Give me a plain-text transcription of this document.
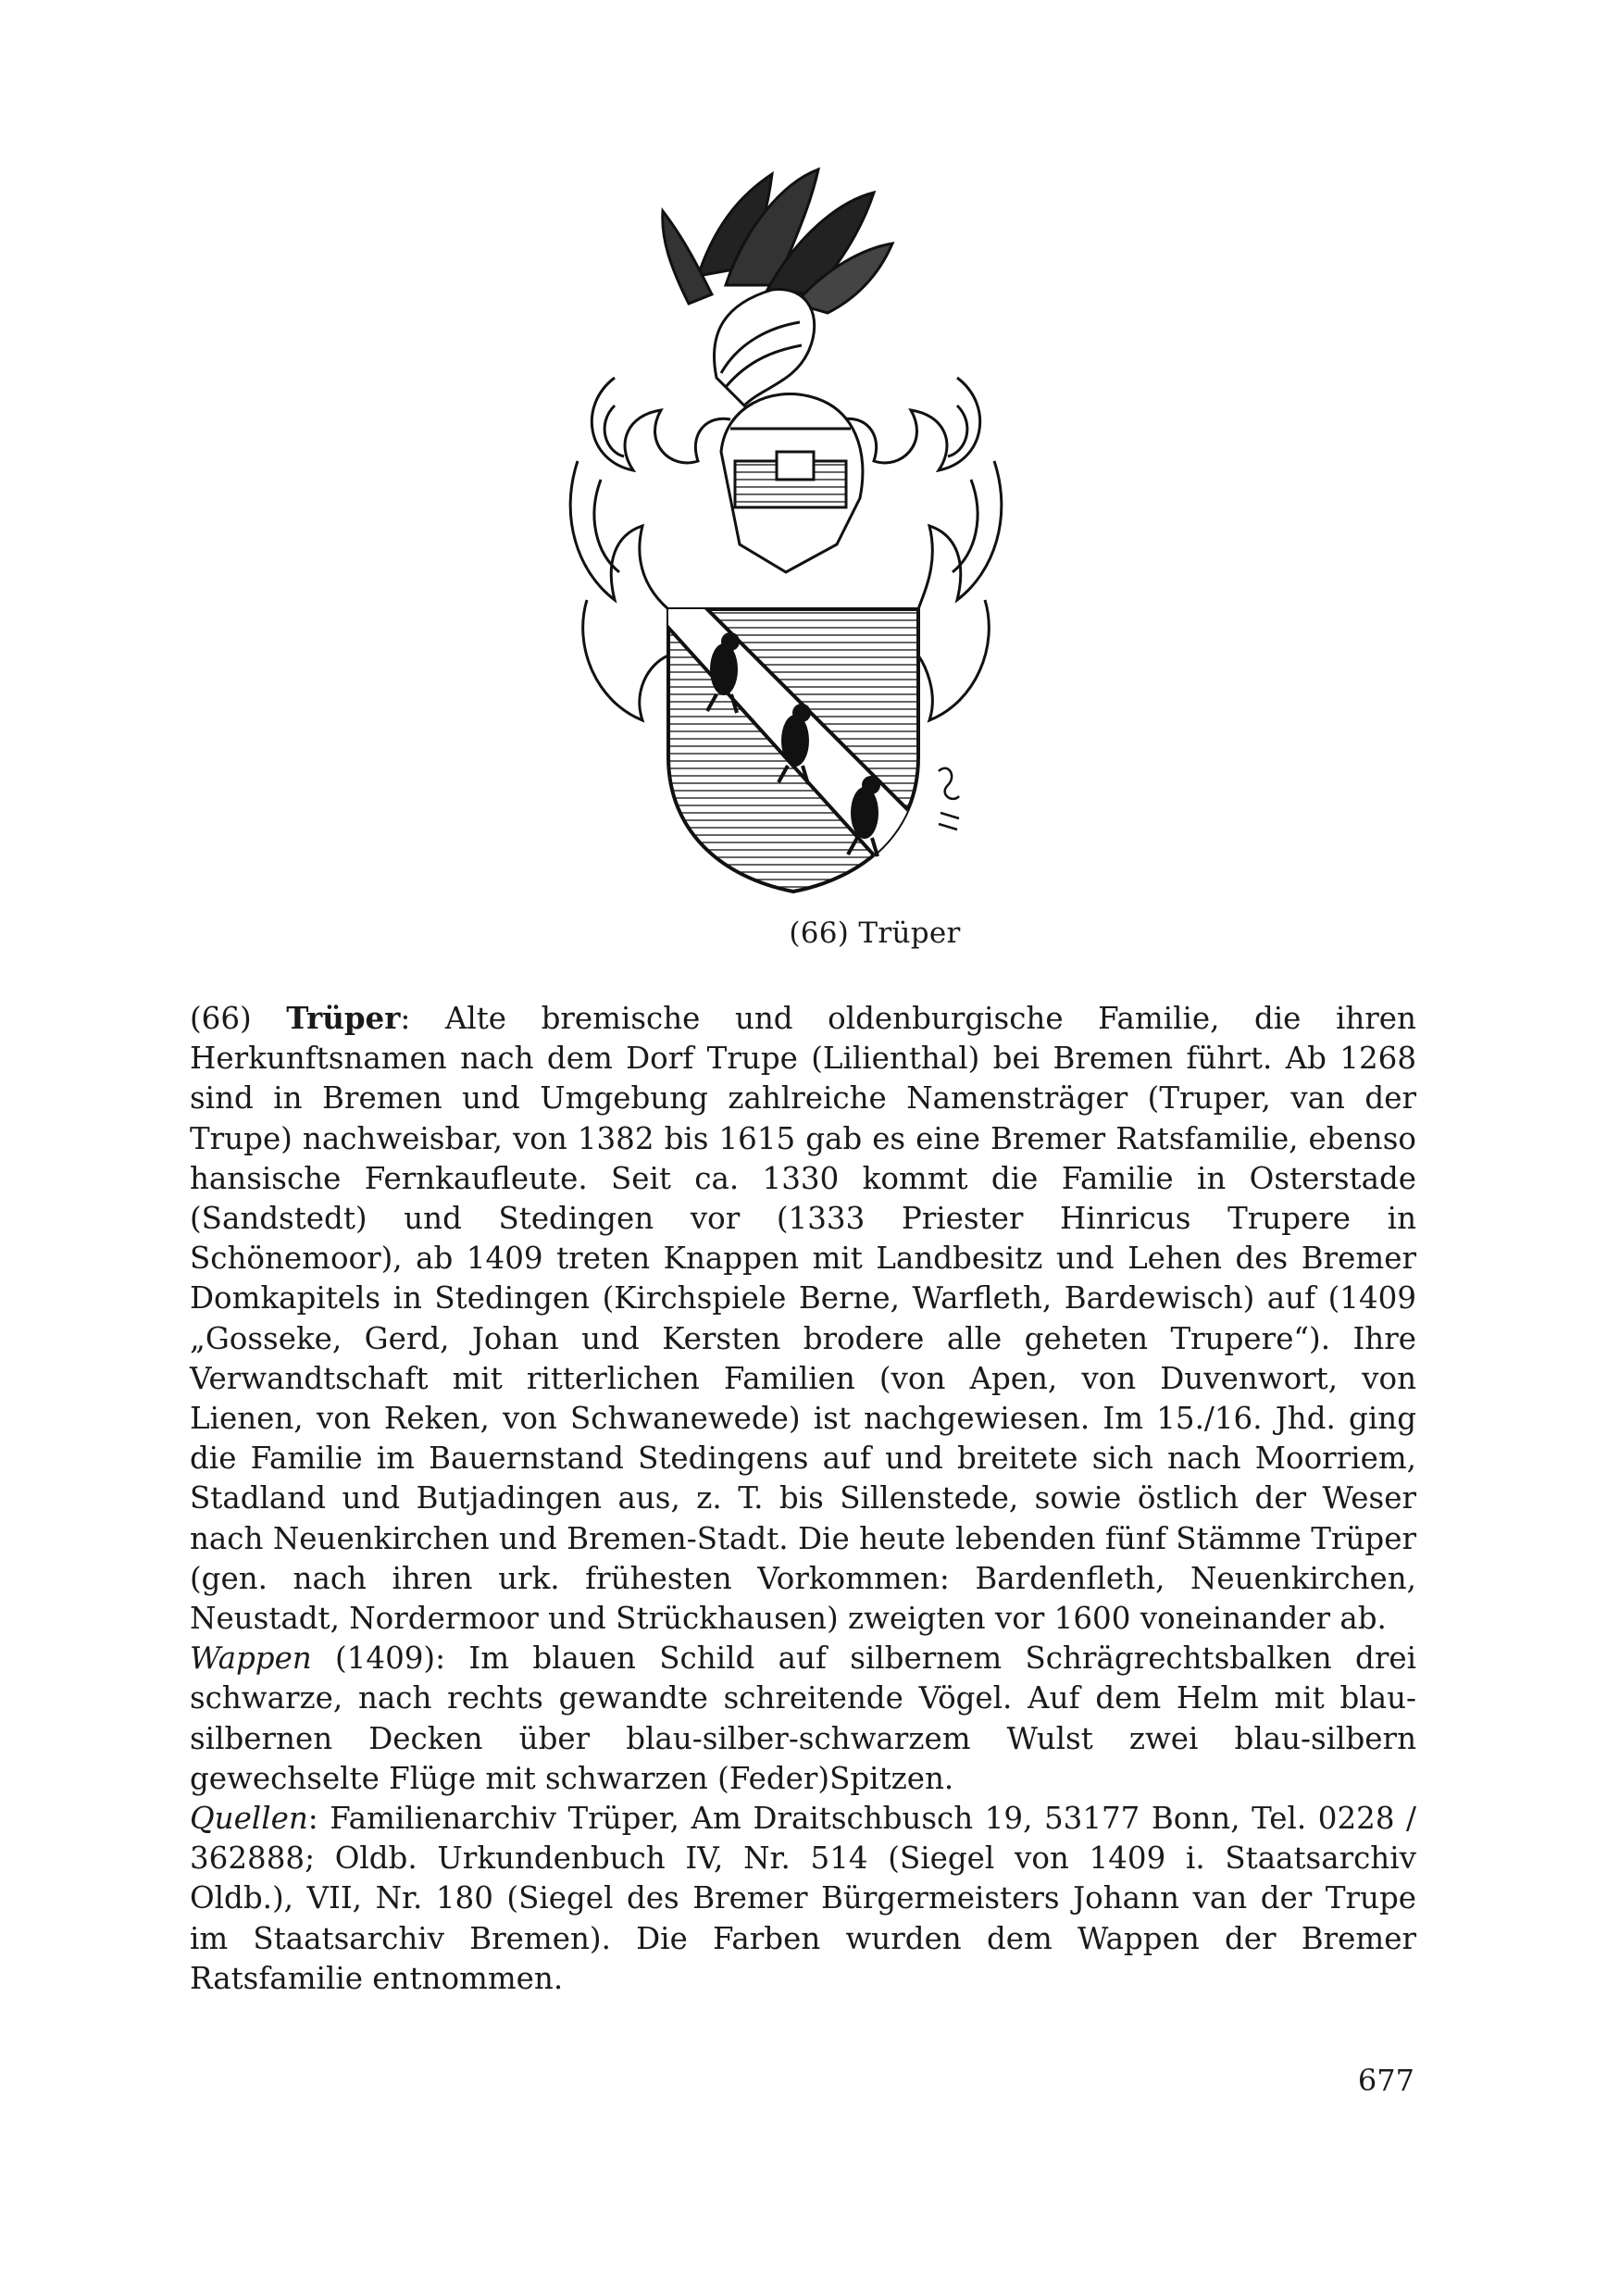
(66) Trüper

(66) Trüper: Alte bremische und oldenburgische Familie, die ihren Herkunftsnamen nach dem Dorf Trupe (Lilienthal) bei Bremen führt. Ab 1268 sind in Bremen und Umgebung zahlreiche Namensträger (Truper, van der Trupe) nachweisbar, von 1382 bis 1615 gab es eine Bremer Ratsfamilie, ebenso hansische Fernkaufleute. Seit ca. 1330 kommt die Familie in Osterstade (Sandstedt) und Stedingen vor (1333 Priester Hinricus Trupere in Schönemoor), ab 1409 treten Knappen mit Landbesitz und Lehen des Bremer Domkapitels in Stedingen (Kirchspiele Berne, Warfleth, Bardewisch) auf (1409 „Gosseke, Gerd, Johan und Kersten brodere alle geheten Trupere“). Ihre Verwandtschaft mit ritterlichen Familien (von Apen, von Duvenwort, von Lienen, von Reken, von Schwanewede) ist nachgewiesen. Im 15./16. Jhd. ging die Familie im Bauernstand Stedingens auf und breitete sich nach Moorriem, Stadland und Butjadingen aus, z. T. bis Sillenstede, sowie östlich der Weser nach Neuenkirchen und Bremen-Stadt. Die heute lebenden fünf Stämme Trüper (gen. nach ihren urk. frühesten Vorkommen: Bardenfleth, Neuenkirchen, Neustadt, Nordermoor und Strückhausen) zweigten vor 1600 voneinander ab.

Wappen (1409): Im blauen Schild auf silbernem Schrägrechtsbalken drei schwarze, nach rechts gewandte schreitende Vögel. Auf dem Helm mit blau-silbernen Decken über blau-silber-schwarzem Wulst zwei blau-silbern gewechselte Flüge mit schwarzen (Feder)Spitzen.

Quellen: Familienarchiv Trüper, Am Draitschbusch 19, 53177 Bonn, Tel. 0228 / 362888; Oldb. Urkundenbuch IV, Nr. 514 (Siegel von 1409 i. Staatsarchiv Oldb.), VII, Nr. 180 (Siegel des Bremer Bürgermeisters Johann van der Trupe im Staatsarchiv Bremen). Die Farben wurden dem Wappen der Bremer Ratsfamilie entnommen.

677
